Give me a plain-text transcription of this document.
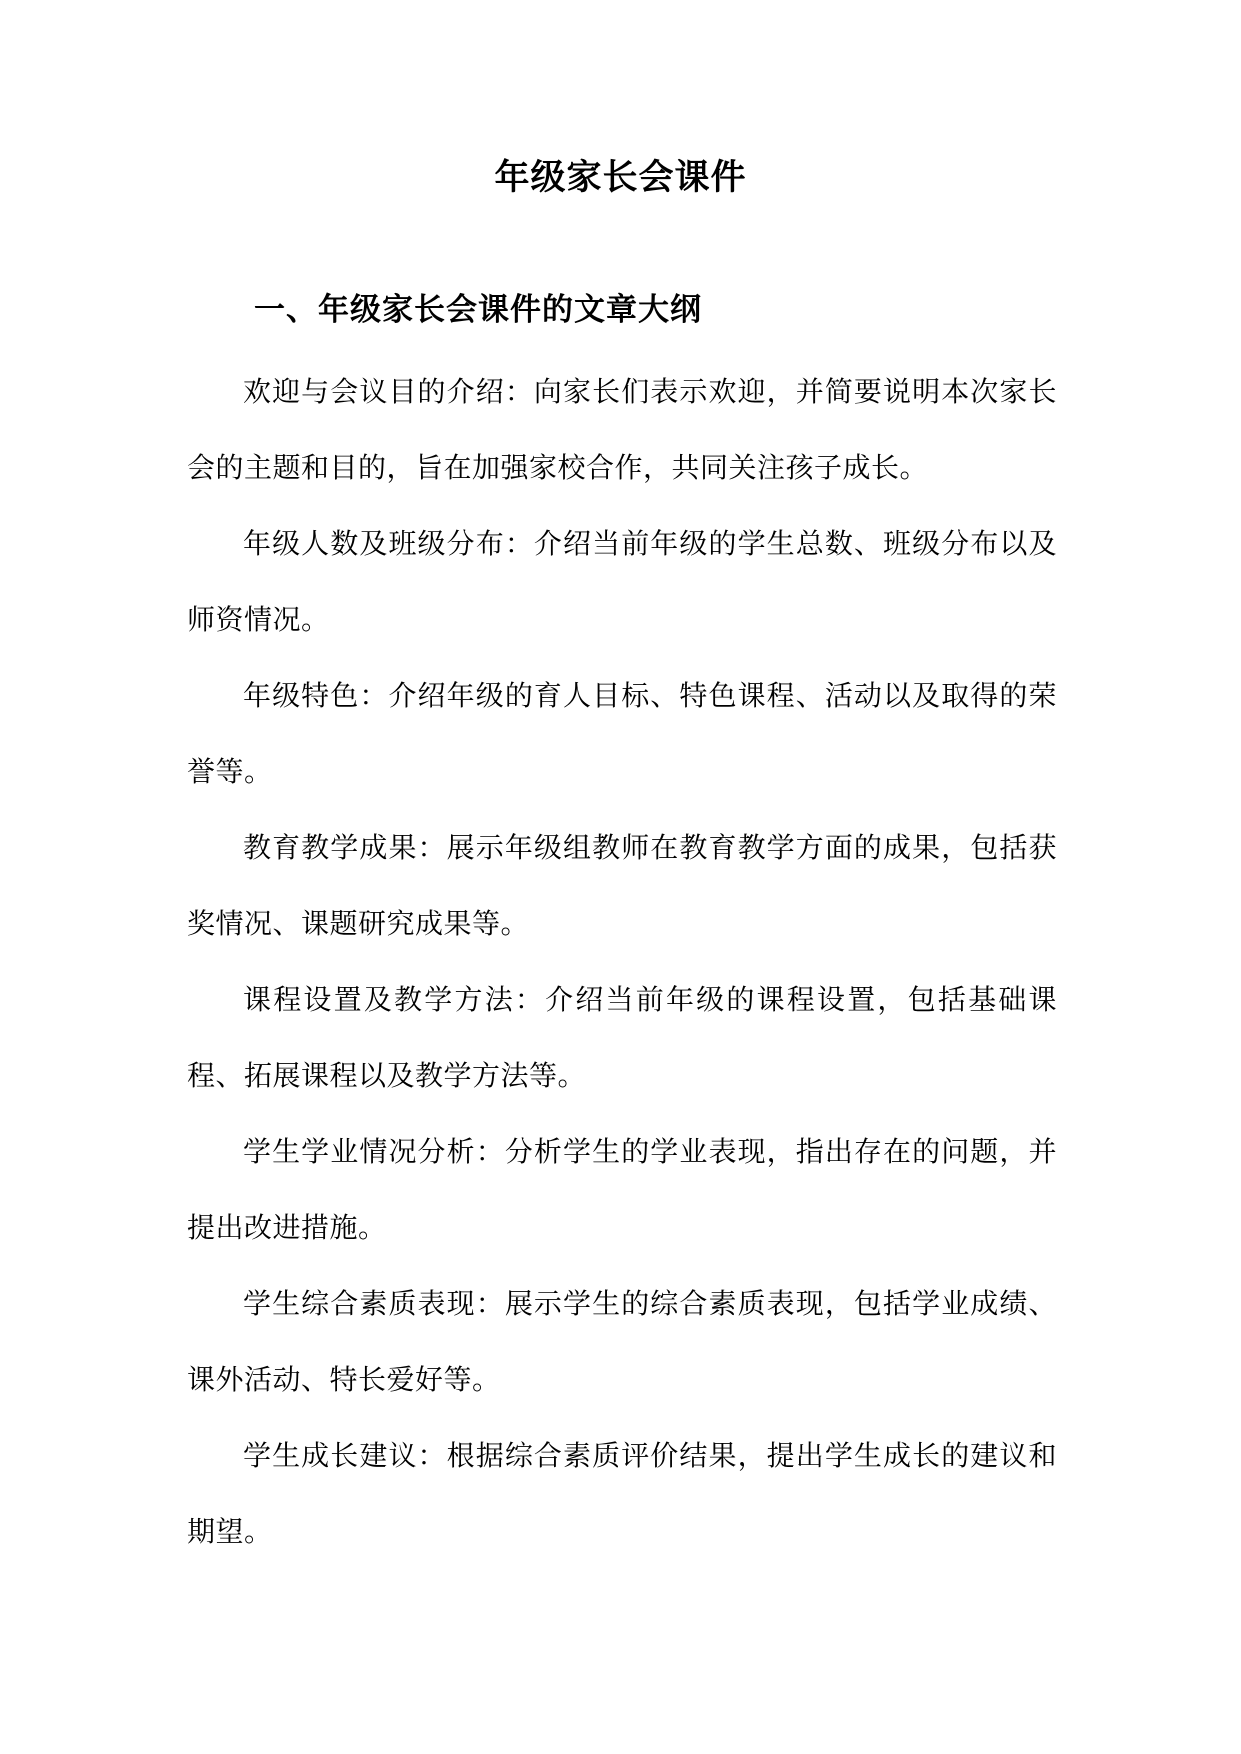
年级家长会课件
一、年级家长会课件的文章大纲

欢迎与会议目的介绍：向家长们表示欢迎，并简要说明本次家长会的主题和目的，旨在加强家校合作，共同关注孩子成长。

年级人数及班级分布：介绍当前年级的学生总数、班级分布以及师资情况。

年级特色：介绍年级的育人目标、特色课程、活动以及取得的荣誉等。

教育教学成果：展示年级组教师在教育教学方面的成果，包括获奖情况、课题研究成果等。

课程设置及教学方法：介绍当前年级的课程设置，包括基础课程、拓展课程以及教学方法等。

学生学业情况分析：分析学生的学业表现，指出存在的问题，并提出改进措施。

学生综合素质表现：展示学生的综合素质表现，包括学业成绩、课外活动、特长爱好等。

学生成长建议：根据综合素质评价结果，提出学生成长的建议和期望。
